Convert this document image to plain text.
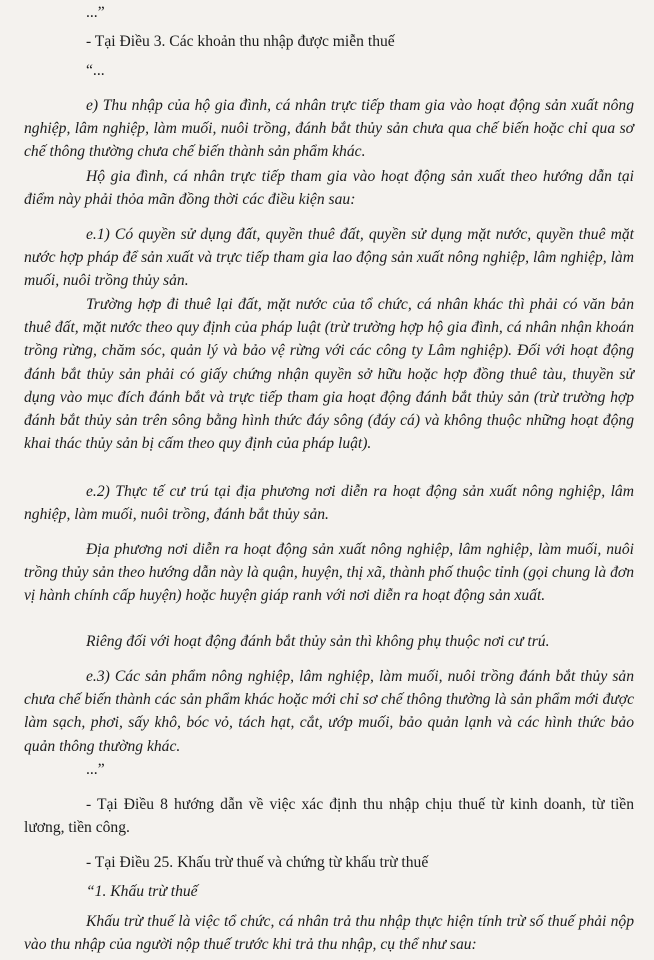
...”

- Tại Điều 3. Các khoản thu nhập được miễn thuế

“...

e) Thu nhập của hộ gia đình, cá nhân trực tiếp tham gia vào hoạt động sản xuất nông nghiệp, lâm nghiệp, làm muối, nuôi trồng, đánh bắt thủy sản chưa qua chế biến hoặc chỉ qua sơ chế thông thường chưa chế biến thành sản phẩm khác.

Hộ gia đình, cá nhân trực tiếp tham gia vào hoạt động sản xuất theo hướng dẫn tại điểm này phải thỏa mãn đồng thời các điều kiện sau:

e.1) Có quyền sử dụng đất, quyền thuê đất, quyền sử dụng mặt nước, quyền thuê mặt nước hợp pháp để sản xuất và trực tiếp tham gia lao động sản xuất nông nghiệp, lâm nghiệp, làm muối, nuôi trồng thủy sản.

Trường hợp đi thuê lại đất, mặt nước của tổ chức, cá nhân khác thì phải có văn bản thuê đất, mặt nước theo quy định của pháp luật (trừ trường hợp hộ gia đình, cá nhân nhận khoán trồng rừng, chăm sóc, quản lý và bảo vệ rừng với các công ty Lâm nghiệp). Đối với hoạt động đánh bắt thủy sản phải có giấy chứng nhận quyền sở hữu hoặc hợp đồng thuê tàu, thuyền sử dụng vào mục đích đánh bắt và trực tiếp tham gia hoạt động đánh bắt thủy sản (trừ trường hợp đánh bắt thủy sản trên sông bằng hình thức đáy sông (đáy cá) và không thuộc những hoạt động khai thác thủy sản bị cấm theo quy định của pháp luật).

e.2) Thực tế cư trú tại địa phương nơi diễn ra hoạt động sản xuất nông nghiệp, lâm nghiệp, làm muối, nuôi trồng, đánh bắt thủy sản.

Địa phương nơi diễn ra hoạt động sản xuất nông nghiệp, lâm nghiệp, làm muối, nuôi trồng thủy sản theo hướng dẫn này là quận, huyện, thị xã, thành phố thuộc tỉnh (gọi chung là đơn vị hành chính cấp huyện) hoặc huyện giáp ranh với nơi diễn ra hoạt động sản xuất.

Riêng đối với hoạt động đánh bắt thủy sản thì không phụ thuộc nơi cư trú.

e.3) Các sản phẩm nông nghiệp, lâm nghiệp, làm muối, nuôi trồng đánh bắt thủy sản chưa chế biến thành các sản phẩm khác hoặc mới chỉ sơ chế thông thường là sản phẩm mới được làm sạch, phơi, sấy khô, bóc vỏ, tách hạt, cắt, ướp muối, bảo quản lạnh và các hình thức bảo quản thông thường khác.

...”

- Tại Điều 8 hướng dẫn về việc xác định thu nhập chịu thuế từ kinh doanh, từ tiền lương, tiền công.

- Tại Điều 25. Khấu trừ thuế và chứng từ khấu trừ thuế

“1. Khấu trừ thuế

Khấu trừ thuế là việc tổ chức, cá nhân trả thu nhập thực hiện tính trừ số thuế phải nộp vào thu nhập của người nộp thuế trước khi trả thu nhập, cụ thể như sau:
